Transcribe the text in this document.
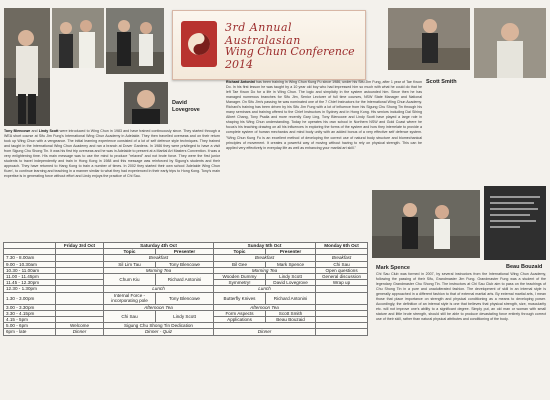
3rd Annual Australasian
Wing Chun Conference 2014
David Lovegrove
Scott Smith
Beau Bouzaid
Tony Blencowe and Lindy Scott were introduced to Wing Chun in 1983 and have trained continuously since. They started through a WEA short course at Sifu Jim Fung's International Wing Chun Academy in Adelaide. They then travelled overseas and on their return took up Wing Chun with a vengeance. The initial learning experience consisted of a lot of self defence style techniques. They trained and taught in the International Wing Chun Academy and ran a branch at Dover Gardens. In 1986 they were privileged to have a visit from Sigung Chu Shong Tin. It was his first trip overseas and he was in Adelaide to present at a Martial Art Masters Convention. It was a very enlightening time. His main message was to use the mind to produce "relaxed" and not brute force. They were the first junior students to travel independently and train in Hong Kong in 1988 and this message was reinforced by Sigung's students and their approach. They have returned to Hang Kong to train a number of times. In 2002 they started their own school 'Adelaide Wing Chun Kuen', to continue learning and teaching in a manner similar to what they had experienced in their early trips to Hong Kong. Tony's main expertise is in generating force without effort and Lindy enjoys the practice of Chi Sau.
Richard Antonini has been training in Wing Chun Kung Fu since 1986, under his Sifu Jim Fung, after 1 year of Tae Kwon Do. In his first lesson he was taught by a 10 year old boy who had impressed him so much with what he could do that he left Tae Kwon Do for a life in Wing Chun. The logic and simplicity in the system astounded him. Since then he has managed numerous branches for Sifu Jim, Senior Lecturer of full time courses, NSW State Manager and National Manager. On Sifu Jim's passing he was nominated one of the 7 Chief Instructors for the International Wing Chun Academy. Richard's training has been driven by his Sifu Jim Fung with a lot of influence from his Sigung Chu Shong Tin through his many seminars and training offered to the Chief Instructors in Sydney and in Hong Kong. His seniors including Dai Sihing Albert Chang, Tony Psaila and more recently Gary Ling, Tony Blencowe and Lindy Scott have played a large role in shaping his Wing Chun understanding. Today he operates his own school in Northern NSW and Gold Coast where he focus's his teaching drawing on all his influences in exploring the forms of the system and how they interrelate to provide a complete system of human mechanics and mind body unity with an added bonus of a very effective self defence system. "Wing Chun Kung Fu is an excellent method of developing the correct use of natural body structure and biomechanical principles of movement. It creates a powerful way of moving without having to rely on physical strength. This can be applied very effectively in everyday life as well as enhancing your martial art skill."
Mark Spence
Chi Sau Club was formed in 2007, by several instructors from the International Wing Chun Academy, following the passing of their Sifu, Grandmaster Jim Fung. Grandmaster Fung was a student of the legendary Grandmaster Chu Shong Tin. The instructors at Chi Sau Club aim to pass on the teachings of Chu Shong Tin in a pure and unadulterated fashion. The development of skill in an internal style is generally approached in a different fashion to that of external martial arts. By external martial arts, I mean those that place importance on strength and physical conditioning as a means to developing power. Accordingly, the definition of an internal style is one that believes that physical strength, size, muscularity etc. will not improve one's ability to a significant degree. Simply put, an old man or woman with small stature and little brute strength, should still be able to produce devastating force entirely through correct use of their skill, rather than natural physical attributes and conditioning of the body.
	Friday 3rd Oct	Saturday 4th Oct		Sunday 5th Oct		Monday 6th Oct
		Topic	Presenter	Topic	Presenter	
7.30 - 8.00am		Breakfast		Breakfast		Breakfast
9.00 - 10.30am		Sil Lim Tau	Tony Blencowe	Bil Gee	Mark Spence	Chi Sau
10.30 - 11.00am		Morning Tea		Morning Tea		Open questions
11.00 - 11.45pm		Chum Kiu	Richard Antonini	Wooden Dummy	Lindy Scott	General discussion
11.45 - 12.30pm				Symmetry!	David Lovegrove	Wrap up
12.30 - 1.30pm		Lunch		Lunch		
1.30 - 3.00pm		Internal Force - incorporating pole	Tony Blencowe	Butterfly Knives	Richard Antonini	
3.00 - 3.30pm		Afternoon Tea		Afternoon Tea		
3.30 - 4.15pm		Chi Sau	Lindy Scott	Form Aspects	Scott Smith	
4.15 - 5pm				Applications	Beau Bouzaid	
5.00 - 6pm	Welcome	Sigung Chu Shong Tin Dedication				
6pm - late	Dinner	Dinner - Quiz		Dinner		
